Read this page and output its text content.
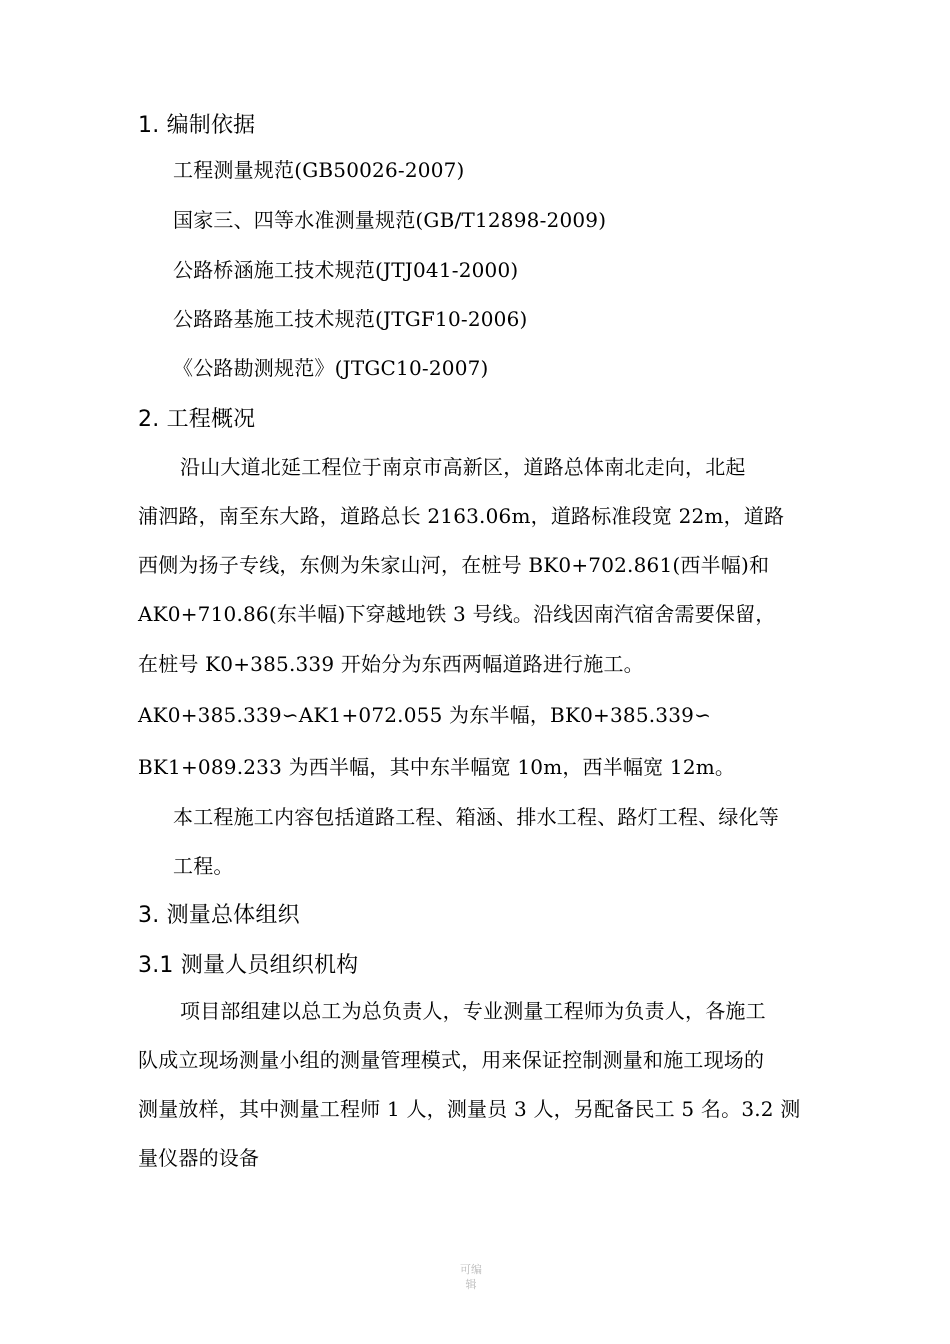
1. 编制依据
工程测量规范(GB50026-2007)
国家三、四等水准测量规范(GB/T12898-2009)
公路桥涵施工技术规范(JTJ041-2000)
公路路基施工技术规范(JTGF10-2006)
《公路勘测规范》(JTGC10-2007)
2. 工程概况
沿山大道北延工程位于南京市高新区，道路总体南北走向，北起
浦泗路，南至东大路，道路总长 2163.06m，道路标准段宽 22m，道路
西侧为扬子专线，东侧为朱家山河，在桩号 BK0+702.861(西半幅)和
AK0+710.86(东半幅)下穿越地铁 3 号线。沿线因南汽宿舍需要保留，
在桩号 K0+385.339 开始分为东西两幅道路进行施工。
AK0+385.339∽AK1+072.055 为东半幅，BK0+385.339∽
BK1+089.233 为西半幅，其中东半幅宽 10m，西半幅宽 12m。
本工程施工内容包括道路工程、箱涵、排水工程、路灯工程、绿化等
工程。
3. 测量总体组织
3.1 测量人员组织机构
项目部组建以总工为总负责人，专业测量工程师为负责人，各施工
队成立现场测量小组的测量管理模式，用来保证控制测量和施工现场的
测量放样，其中测量工程师 1 人，测量员 3 人，另配备民工 5 名。3.2 测
量仪器的设备
可编
辑
